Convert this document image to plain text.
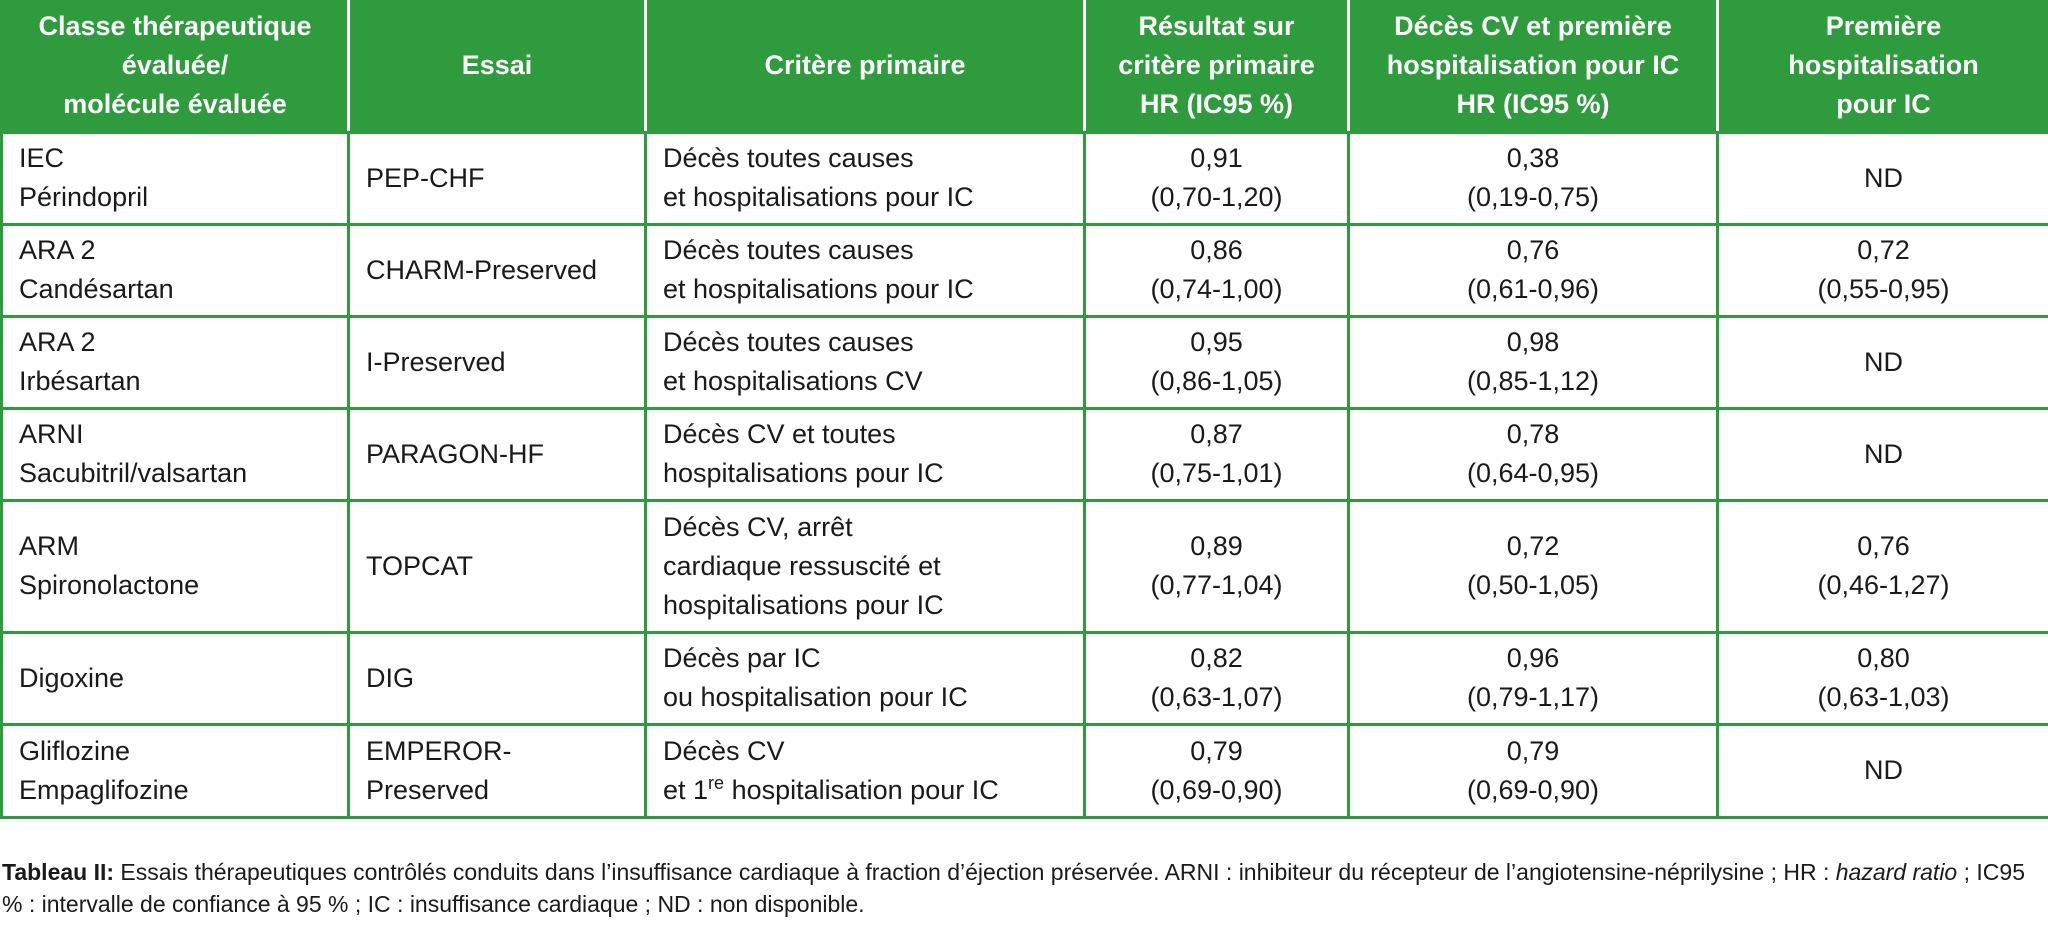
Classe thérapeutique
évaluée/
molécule évaluée	Essai	Critère primaire	Résultat sur
critère primaire
HR (IC95 %)	Décès CV et première
hospitalisation pour IC
HR (IC95 %)	Première
hospitalisation
pour IC

IEC
Périndopril	PEP-CHF	Décès toutes causes
et hospitalisations pour IC	0,91
(0,70-1,20)	0,38
(0,19-0,75)	ND

ARA 2
Candésartan	CHARM-Preserved	Décès toutes causes
et hospitalisations pour IC	0,86
(0,74-1,00)	0,76
(0,61-0,96)	0,72
(0,55-0,95)

ARA 2
Irbésartan	I-Preserved	Décès toutes causes
et hospitalisations CV	0,95
(0,86-1,05)	0,98
(0,85-1,12)	ND

ARNI
Sacubitril/valsartan	PARAGON-HF	Décès CV et toutes
hospitalisations pour IC	0,87
(0,75-1,01)	0,78
(0,64-0,95)	ND

ARM
Spironolactone	TOPCAT	Décès CV, arrêt
cardiaque ressuscité et
hospitalisations pour IC	0,89
(0,77-1,04)	0,72
(0,50-1,05)	0,76
(0,46-1,27)

Digoxine	DIG	Décès par IC
ou hospitalisation pour IC	0,82
(0,63-1,07)	0,96
(0,79-1,17)	0,80
(0,63-1,03)

Gliflozine
Empaglifozine	EMPEROR-
Preserved	Décès CV
et 1re hospitalisation pour IC	0,79
(0,69-0,90)	0,79
(0,69-0,90)	ND
Tableau II: Essais thérapeutiques contrôlés conduits dans l’insuffisance cardiaque à fraction d’éjection préservée. ARNI : inhibiteur du récepteur de l’angiotensine-néprilysine ; HR : hazard ratio ; IC95 % : intervalle de confiance à 95 % ; IC : insuffisance cardiaque ; ND : non disponible.
